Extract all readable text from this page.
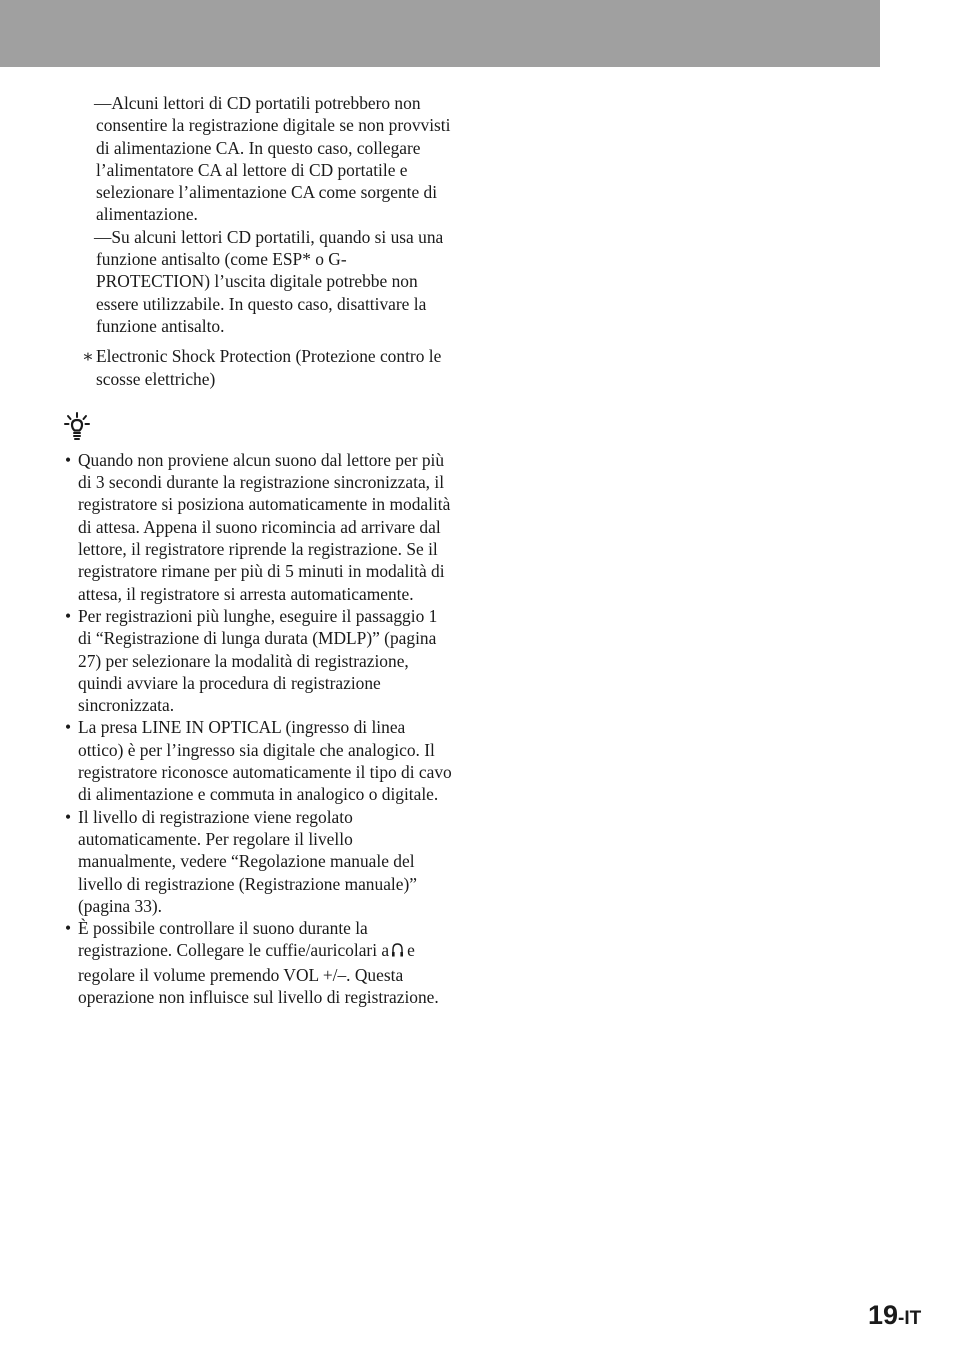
—Alcuni lettori di CD portatili potrebbero non consentire la registrazione digitale se non provvisti di alimentazione CA. In questo caso, collegare l’alimentatore CA al lettore di CD portatile e selezionare l’alimentazione CA come sorgente di alimentazione.
—Su alcuni lettori CD portatili, quando si usa una funzione antisalto (come ESP* o G-PROTECTION) l’uscita digitale potrebbe non essere utilizzabile. In questo caso, disattivare la funzione antisalto.
∗ Electronic Shock Protection (Protezione contro le scosse elettriche)
• Quando non proviene alcun suono dal lettore per più di 3 secondi durante la registrazione sincronizzata, il registratore si posiziona automaticamente in modalità di attesa. Appena il suono ricomincia ad arrivare dal lettore, il registratore riprende la registrazione. Se il registratore rimane per più di 5 minuti in modalità di attesa, il registratore si arresta automaticamente.
• Per registrazioni più lunghe, eseguire il passaggio 1 di “Registrazione di lunga durata (MDLP)” (pagina 27) per selezionare la modalità di registrazione, quindi avviare la procedura di registrazione sincronizzata.
• La presa LINE IN OPTICAL (ingresso di linea ottico) è per l’ingresso sia digitale che analogico. Il registratore riconosce automaticamente il tipo di cavo di alimentazione e commuta in analogico o digitale.
• Il livello di registrazione viene regolato automaticamente. Per regolare il livello manualmente, vedere “Regolazione manuale del livello di registrazione (Registrazione manuale)” (pagina 33).
• È possibile controllare il suono durante la registrazione. Collegare le cuffie/auricolari a e regolare il volume premendo VOL +/–. Questa operazione non influisce sul livello di registrazione.
19-IT
